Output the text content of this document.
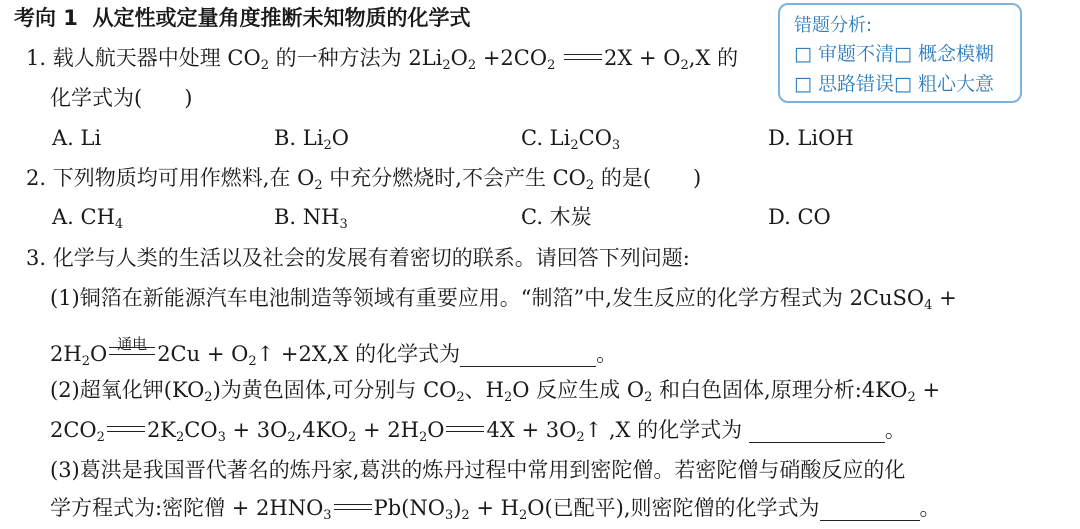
考向 1 从定性或定量角度推断未知物质的化学式	错题分析:
□ 审题不清□ 概念模糊
□ 思路错误□ 粗心大意
1. 载人航天器中处理 $CO_2$ 的一种方法为 $2Li_2O_2 +2CO_2$ $2X + O_2,X$ 的
化学式为(　　)
A. Li	B. $Li_2O$	C. $Li_2CO_3$	D. LiOH
2. 下列物质均可用作燃料,在 $O_2$ 中充分燃烧时,不会产生 $CO_2$ 的是(　　)
A. $CH_4$	B. $NH_3$	C. 木炭	D. CO
3. 化学与人类的生活以及社会的发展有着密切的联系。请回答下列问题:
(1)铜箔在新能源汽车电池制造等领域有重要应用。“制箔”中,发生反应的化学方程式为 2CuSO$_4$ +
$2H_2O$ 通电 $2Cu + O_2↑ +2X,X$ 的化学式为	。
(2)超氧化钾$(KO_2)$为黄色固体,可分别与 $CO_2$、$H_2O$ 反应生成 $O_2$ 和白色固体,原理分析$:4KO_2$ +
$2CO_2$ $2K_2CO_3 + 3O_2,4KO_2 + 2H_2O$ $4X + 3O_2↑$ ,X 的化学式为	。
(3)葛洪是我国晋代著名的炼丹家,葛洪的炼丹过程中常用到密陀僧。若密陀僧与硝酸反应的化
学方程式为:密陀僧 + $2HNO_3$ $Pb(NO_3)_2 + H_2O$(已配平),则密陀僧的化学式为	。
